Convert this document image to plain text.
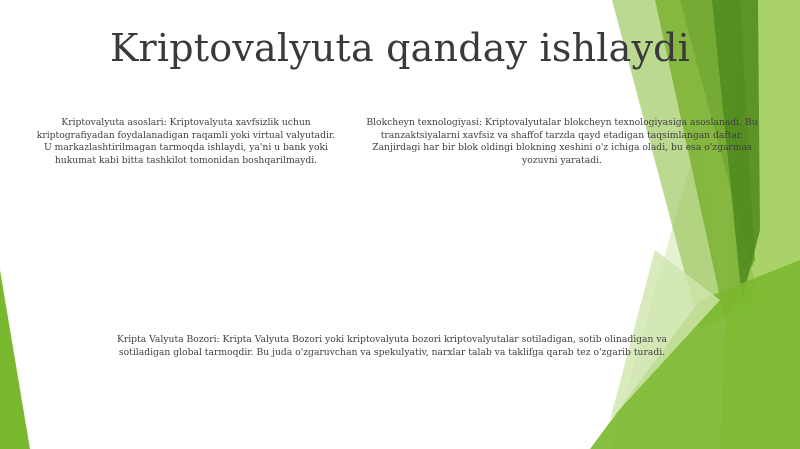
Kriptovalyuta qanday ishlaydi
Kriptovalyuta asoslari: Kriptovalyuta xavfsizlik uchun kriptografiyadan foydalanadigan raqamli yoki virtual valyutadir. U markazlashtirilmagan tarmoqda ishlaydi, ya'ni u bank yoki hukumat kabi bitta tashkilot tomonidan boshqarilmaydi.
Blokcheyn texnologiyasi: Kriptovalyutalar blokcheyn texnologiyasiga asoslanadi. Bu tranzaktsiyalarni xavfsiz va shaffof tarzda qayd etadigan taqsimlangan daftar. Zanjirdagi har bir blok oldingi blokning xeshini o'z ichiga oladi, bu esa o'zgarmas yozuvni yaratadi.
Kripta Valyuta Bozori: Kripta Valyuta Bozori yoki kriptovalyuta bozori kriptovalyutalar sotiladigan, sotib olinadigan va sotiladigan global tarmoqdir. Bu juda o'zgaruvchan va spekulyativ, narxlar talab va taklifga qarab tez o'zgarib turadi.
